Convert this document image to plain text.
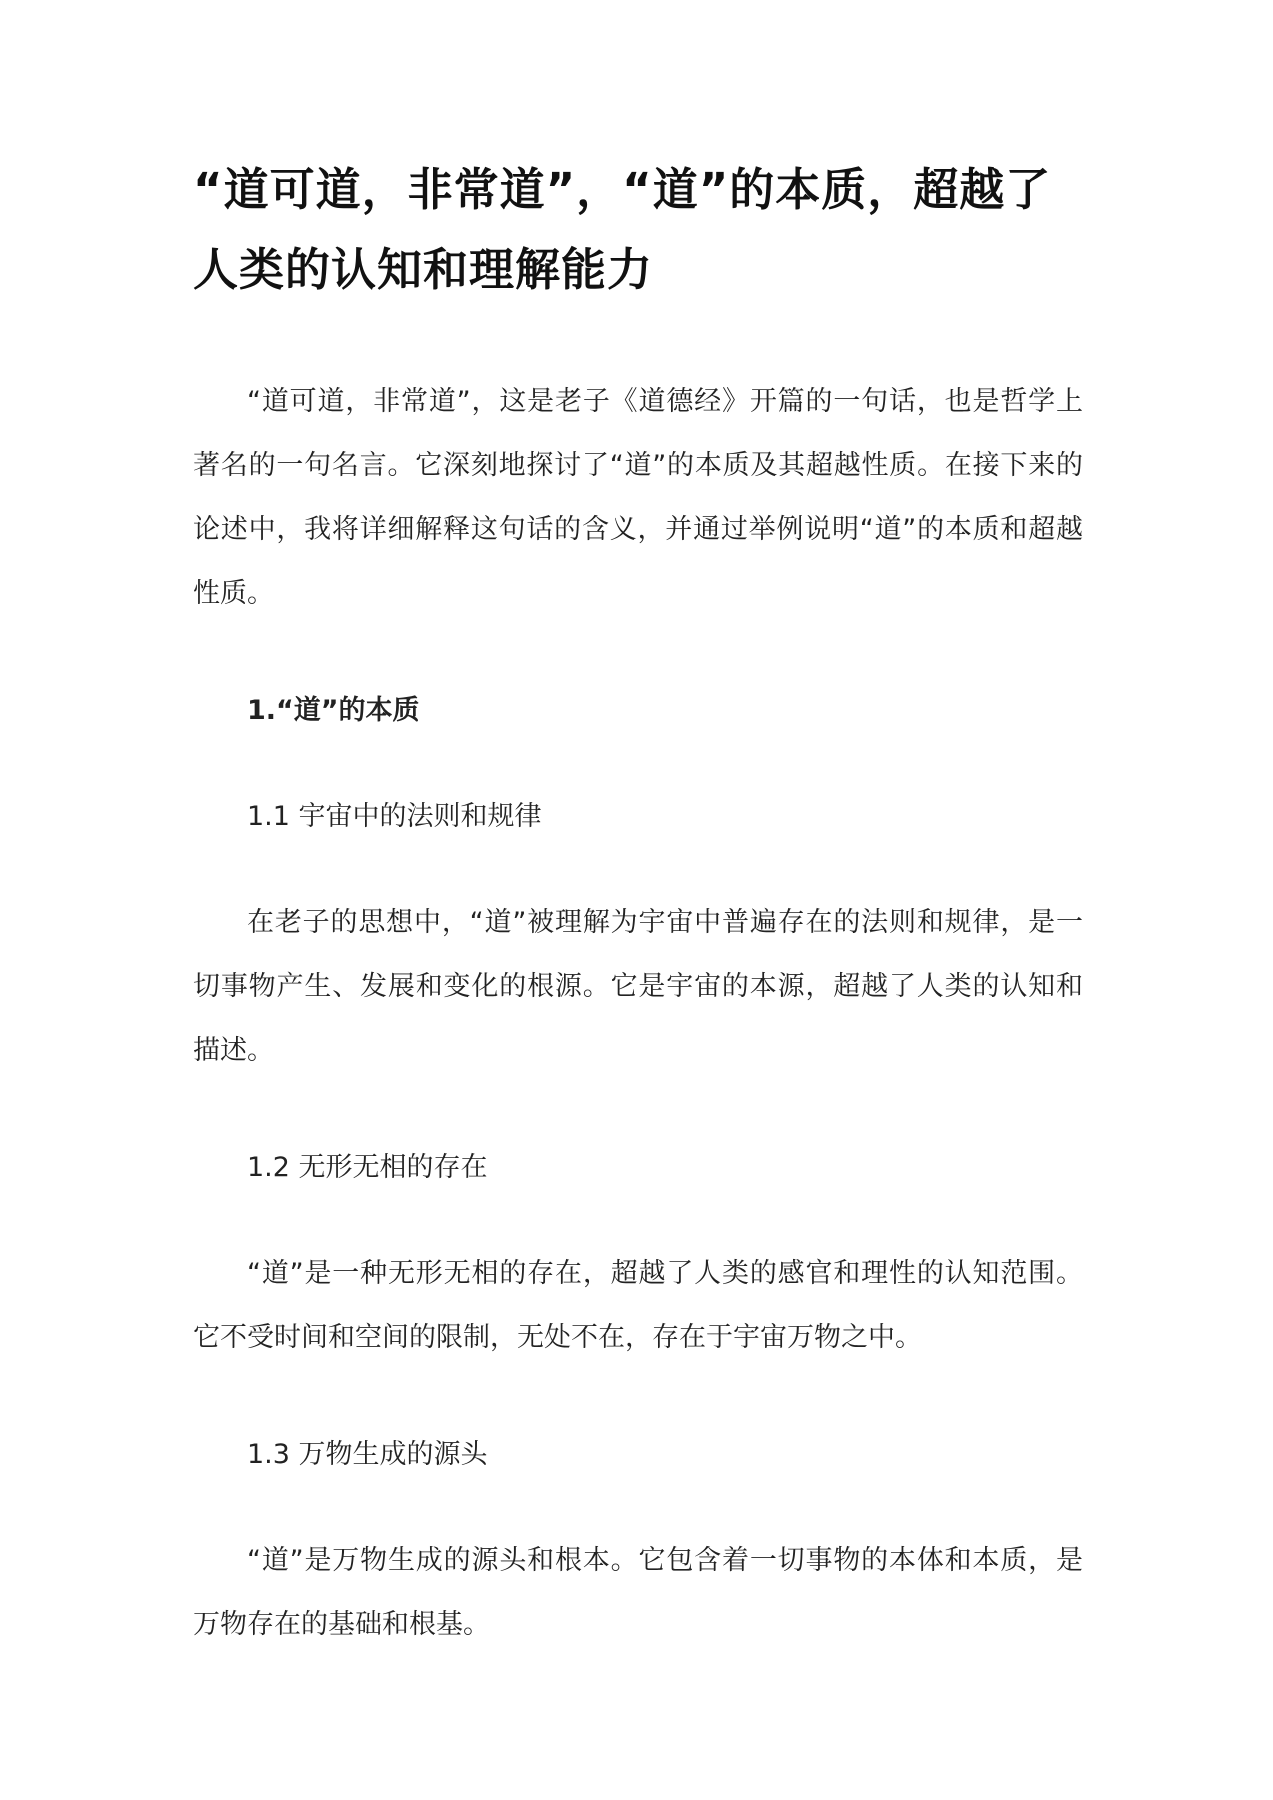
“道可道，非常道”，“道”的本质，超越了人类的认知和理解能力

“道可道，非常道”，这是老子《道德经》开篇的一句话，也是哲学上著名的一句名言。它深刻地探讨了“道”的本质及其超越性质。在接下来的论述中，我将详细解释这句话的含义，并通过举例说明“道”的本质和超越性质。

1.“道”的本质
1.1 宇宙中的法则和规律

在老子的思想中，“道”被理解为宇宙中普遍存在的法则和规律，是一切事物产生、发展和变化的根源。它是宇宙的本源，超越了人类的认知和描述。

1.2 无形无相的存在

“道”是一种无形无相的存在，超越了人类的感官和理性的认知范围。它不受时间和空间的限制，无处不在，存在于宇宙万物之中。

1.3 万物生成的源头

“道”是万物生成的源头和根本。它包含着一切事物的本体和本质，是万物存在的基础和根基。
